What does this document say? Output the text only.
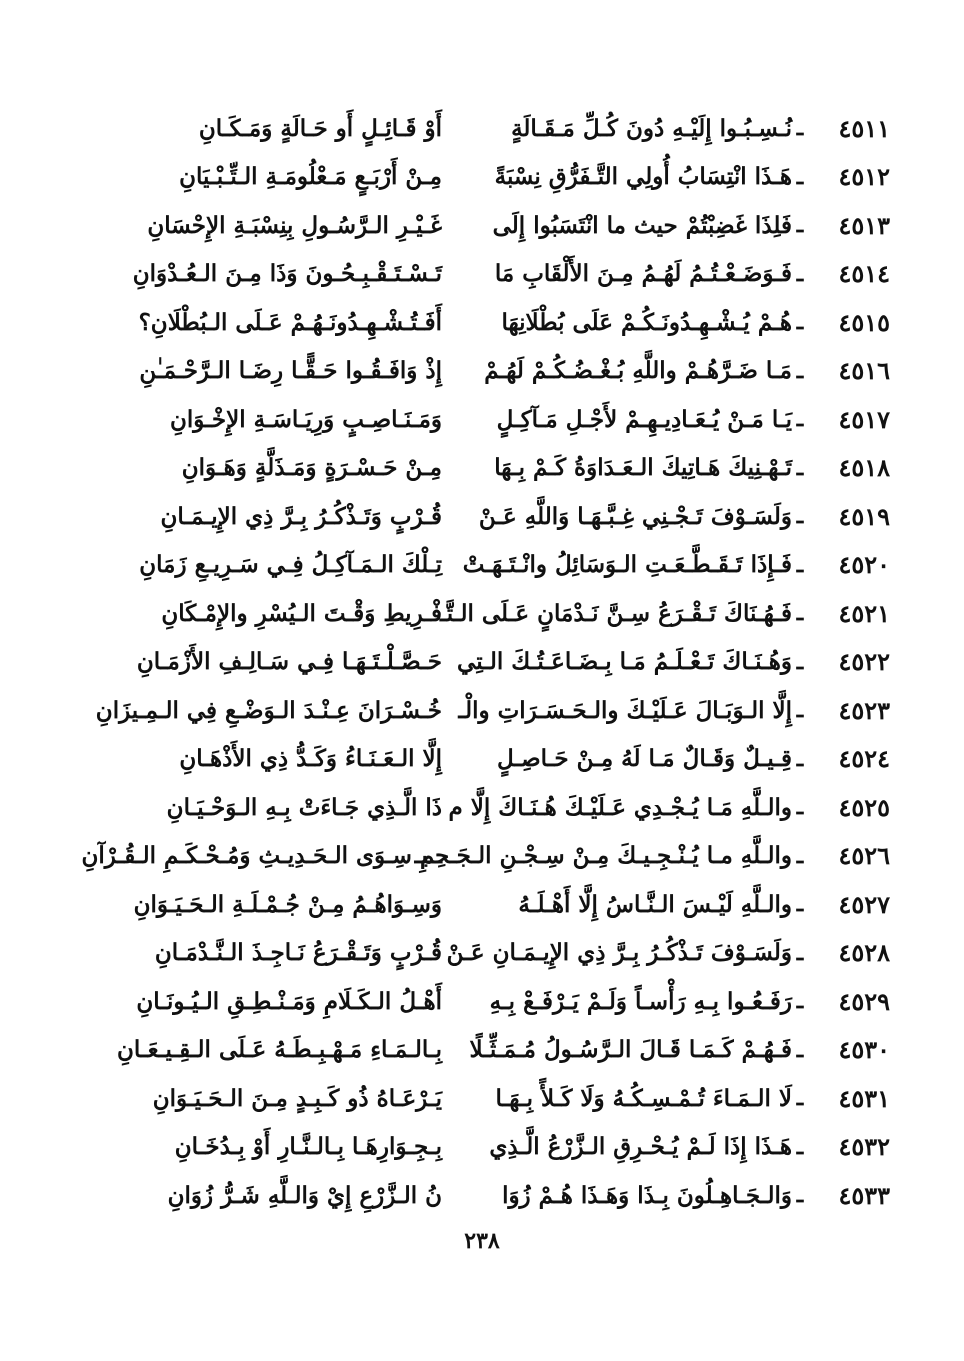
٤٥١١
ـ
نُـسِـبُـوا إِلَيْـهِ دُونَ كُـلِّ مَـقَـالَةٍ
أَوْ قَـائِـلٍ أَو حَـالَةٍ وَمَـكَـانِ
٤٥١٢
ـ
هَـذَا انْتِسَابُ أُولِي التَّـفَرُّقِ نِسْبَةً
مِـنْ أَرْبَـعٍ مَـعْلُومَـةِ الـتِّـبْـيَانِ
٤٥١٣
ـ
فَلِذَا غَضِبْتُمْ حيث ما انْتَسَبُوا إِلَى
غَـيْـرِ الـرَّسُـولِ بِنِسْبَـةِ الإِحْسَانِ
٤٥١٤
ـ
فَـوَضَـعْـتُـمُ لَهُـمُ مِـنَ الأَلْقَابِ مَا
تَـسْـتَـقْـبِـحُـونَ وَذَا مِـنَ الـعُـدْوَانِ
٤٥١٥
ـ
هُـمْ يُـشْـهِـدُونَـكُـمْ عَلَى بُطْلَانِهَا
أَفَـتُـشْـهِـدُونَـهُـمْ عَـلَى الـبُطْلَانِ؟
٤٥١٦
ـ
مَـا ضَـرَّهُـمْ واللَّهِ بُـغْـضُـكُـمْ لَهُـمْ
إِذْ وَافَـقُـوا حَـقًّـا رِضَـا الـرَّحْـمَـٰنِ
٤٥١٧
ـ
يَـا مَـنْ يُـعَـادِيـهِـمْ لأَجْـلِ مَـآكِـلٍ
وَمَـنَـاصِـبٍ وَرِيَـاسَـةِ الإِخْـوَانِ
٤٥١٨
ـ
تَـهْـنِيكَ هَـاتِيكَ الـعَـدَاوَةُ كَـمْ بِـهَا
مِـنْ حَـسْـرَةٍ وَمَـذَلَّةٍ وَهَـوَانِ
٤٥١٩
ـ
وَلَسَـوْفَ تَـجْـنِي غِـبَّـهَـا وَاللَّهِ عَـنْ
قُـرْبٍ وَتَـذْكُـرُ بِـرَّ ذِي الإِيـمَـانِ
٤٥٢٠
ـ
فَـإِذَا تَـقَـطَّـعَـتِ الـوَسَائِلُ وانْـتَـهَـتْ
تِـلْكَ الـمَـآكِـلُ فِـي سَـرِيـعِ زَمَانِ
٤٥٢١
ـ
فَـهُـنَاكَ تَـقْـرَعُ سِـنَّ نَـدْمَانٍ عَـلَى الـتَّـ
فْـرِيطِ وَقْـتَ الـيُسْرِ والإِمْـكَانِ
٤٥٢٢
ـ
وَهُـنَـاكَ تَـعْـلَـمُ مَـا بِـضَـاعَـتُـكَ الـتِي
حَـصَّـلْـتَـهَـا فِـي سَـالِـفِ الأَزْمَـانِ
٤٥٢٣
ـ
إِلَّا الـوَبَـالَ عَـلَيْـكَ والـحَـسَـرَاتِ والْـ
خُـسْـرَانَ عِـنْـدَ الـوَضْـعِ فِي الـمِـيزَانِ
٤٥٢٤
ـ
قِـيـلٌ وَقَـالٌ مَـا لَهُ مِـنْ حَـاصِـلٍ
إِلَّا الـعَـنَـاءُ وَكَـدُّ ذِي الأَذْهَـانِ
٤٥٢٥
ـ
والـلَّهِ مَـا يُـجْـدِي عَـلَيْـكَ هُـنَـاكَ إِلَّا م
ذَا الَّـذِي جَـاءَتْ بِـهِ الـوَحْـيَـانِ
٤٥٢٦
ـ
والـلَّهِ مـا يُـنْـجِـيـكَ مِـنْ سِـجْـنِ الـجَـحِـيـ
ـمِ سِـوَى الـحَـدِيـثِ وَمُـحْـكَـمِ الـقُـرْآنِ
٤٥٢٧
ـ
والـلَّهِ لَيْـسَ الـنَّـاسُ إِلَّا أَهْـلَـهُ
وَسِـوَاهُـمُ مِـنْ جُـمْـلَـةِ الـحَـيَـوَانِ
٤٥٢٨
ـ
وَلَسَـوْفَ تَـذْكُـرُ بِـرَّ ذِي الإِيـمَـانِ عَـنْ
قُـرْبٍ وَتَـقْـرَعُ نَـاجِـذَ الـنَّـدْمَـانِ
٤٥٢٩
ـ
رَفَـعُـوا بِـهِ رَأْسـاً وَلَـمْ يَـرْفَـعْ بِـهِ
أَهْـلُ الـكَـلَامِ وَمَـنْـطِـقِ الـيُـونَـانِ
٤٥٣٠
ـ
فَـهُـمْ كَـمَـا قَـالَ الـرَّسُـولُ مُـمَـثِّـلًا
بِـالـمَـاءِ مَـهْـبِـطَـهُ عَـلَى الـقِـيـعَـانِ
٤٥٣١
ـ
لَا الـمَـاءَ تُـمْـسِـكُـهُ وَلَا كَـلأً بِـهَـا
يَـرْعَـاهُ ذُو كَـبِـدٍ مِـنَ الـحَـيَـوَانِ
٤٥٣٢
ـ
هَـذَا إِذَا لَـمْ يُـحْـرِقِ الـزَّرْعُ الَّـذِي
بِـجِـوَارِهَـا بِـالـنَّـارِ أَوْ بِـدُخَـانِ
٤٥٣٣
ـ
وَالـجَـاهِـلُونَ بِـذَا وَهَـذَا هُـمْ زُوَا
نُ الـزَّرْعِ إِيْ وَالـلَّهِ شَـرُّ زُوَانِ
٢٣٨
